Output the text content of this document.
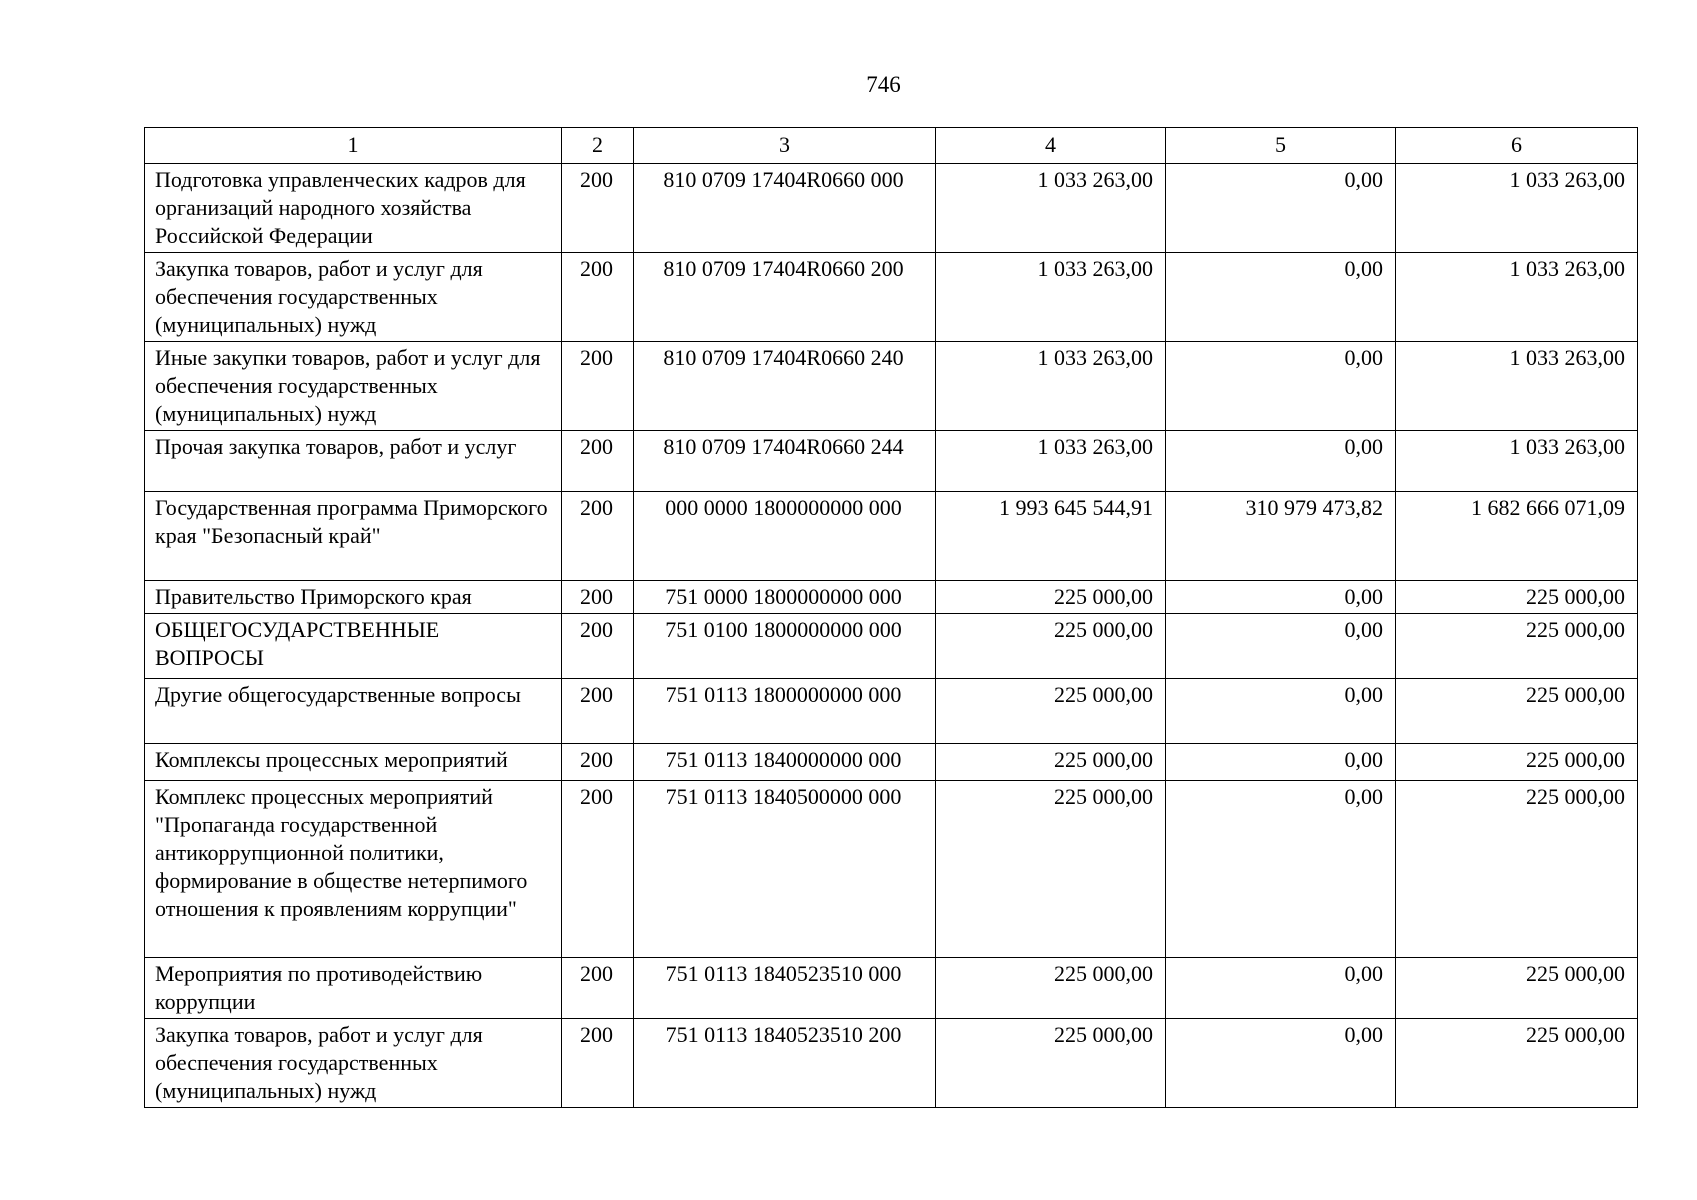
746
1	2	3	4	5	6
Подготовка управленческих кадров для организаций народного хозяйства Российской Федерации	200	810 0709 17404R0660 000	1 033 263,00	0,00	1 033 263,00
Закупка товаров, работ и услуг для обеспечения государственных (муниципальных) нужд	200	810 0709 17404R0660 200	1 033 263,00	0,00	1 033 263,00
Иные закупки товаров, работ и услуг для обеспечения государственных (муниципальных) нужд	200	810 0709 17404R0660 240	1 033 263,00	0,00	1 033 263,00
Прочая закупка товаров, работ и услуг	200	810 0709 17404R0660 244	1 033 263,00	0,00	1 033 263,00
Государственная программа Приморского края "Безопасный край"	200	000 0000 1800000000 000	1 993 645 544,91	310 979 473,82	1 682 666 071,09
Правительство Приморского края	200	751 0000 1800000000 000	225 000,00	0,00	225 000,00
ОБЩЕГОСУДАРСТВЕННЫЕ ВОПРОСЫ	200	751 0100 1800000000 000	225 000,00	0,00	225 000,00
Другие общегосударственные вопросы	200	751 0113 1800000000 000	225 000,00	0,00	225 000,00
Комплексы процессных мероприятий	200	751 0113 1840000000 000	225 000,00	0,00	225 000,00
Комплекс процессных мероприятий "Пропаганда государственной антикоррупционной политики, формирование в обществе нетерпимого отношения к проявлениям коррупции"	200	751 0113 1840500000 000	225 000,00	0,00	225 000,00
Мероприятия по противодействию коррупции	200	751 0113 1840523510 000	225 000,00	0,00	225 000,00
Закупка товаров, работ и услуг для обеспечения государственных (муниципальных) нужд	200	751 0113 1840523510 200	225 000,00	0,00	225 000,00
